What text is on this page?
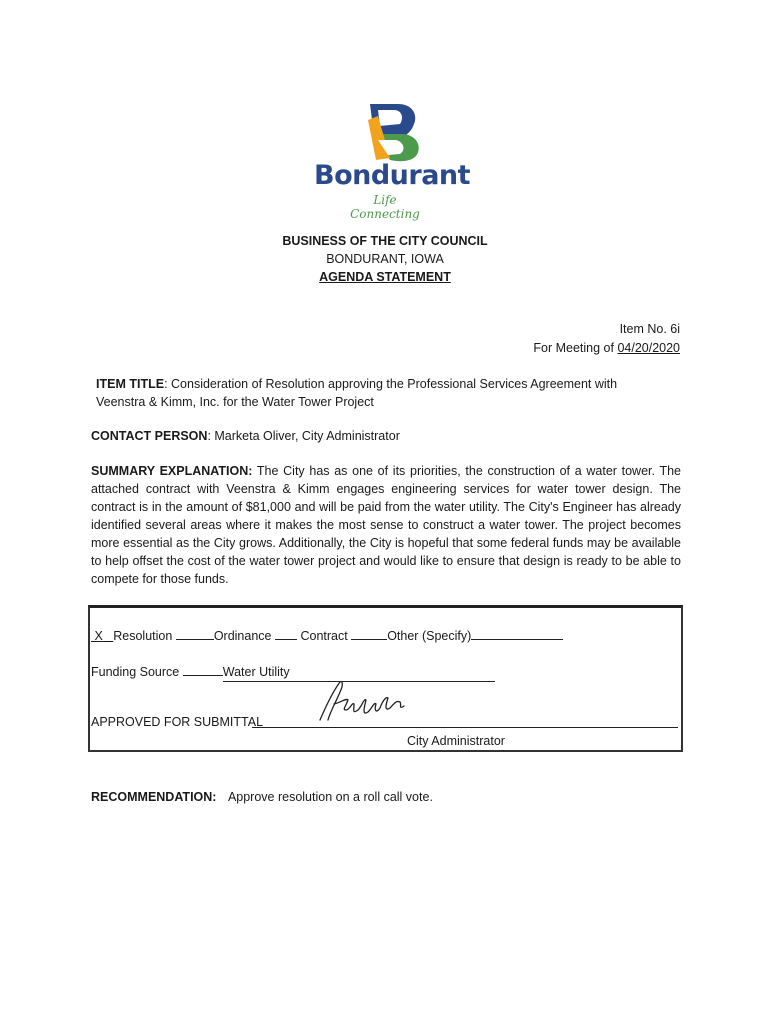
Bondurant
Life Connecting
BUSINESS OF THE CITY COUNCIL
BONDURANT, IOWA
AGENDA STATEMENT
Item No. 6i
For Meeting of 04/20/2020
ITEM TITLE: Consideration of Resolution approving the Professional Services Agreement with
Veenstra & Kimm, Inc. for the Water Tower Project
CONTACT PERSON: Marketa Oliver, City Administrator
SUMMARY EXPLANATION: The City has as one of its priorities, the construction of a water tower. The attached contract with Veenstra & Kimm engages engineering services for water tower design. The contract is in the amount of $81,000 and will be paid from the water utility. The City's Engineer has already identified several areas where it makes the most sense to construct a water tower. The project becomes more essential as the City grows. Additionally, the City is hopeful that some federal funds may be available to help offset the cost of the water tower project and would like to ensure that design is ready to be able to compete for those funds.
X Resolution	Ordinance Contract	Other (Specify)
Funding Source	Water Utility
APPROVED FOR SUBMITTAL
City Administrator
RECOMMENDATION: Approve resolution on a roll call vote.
